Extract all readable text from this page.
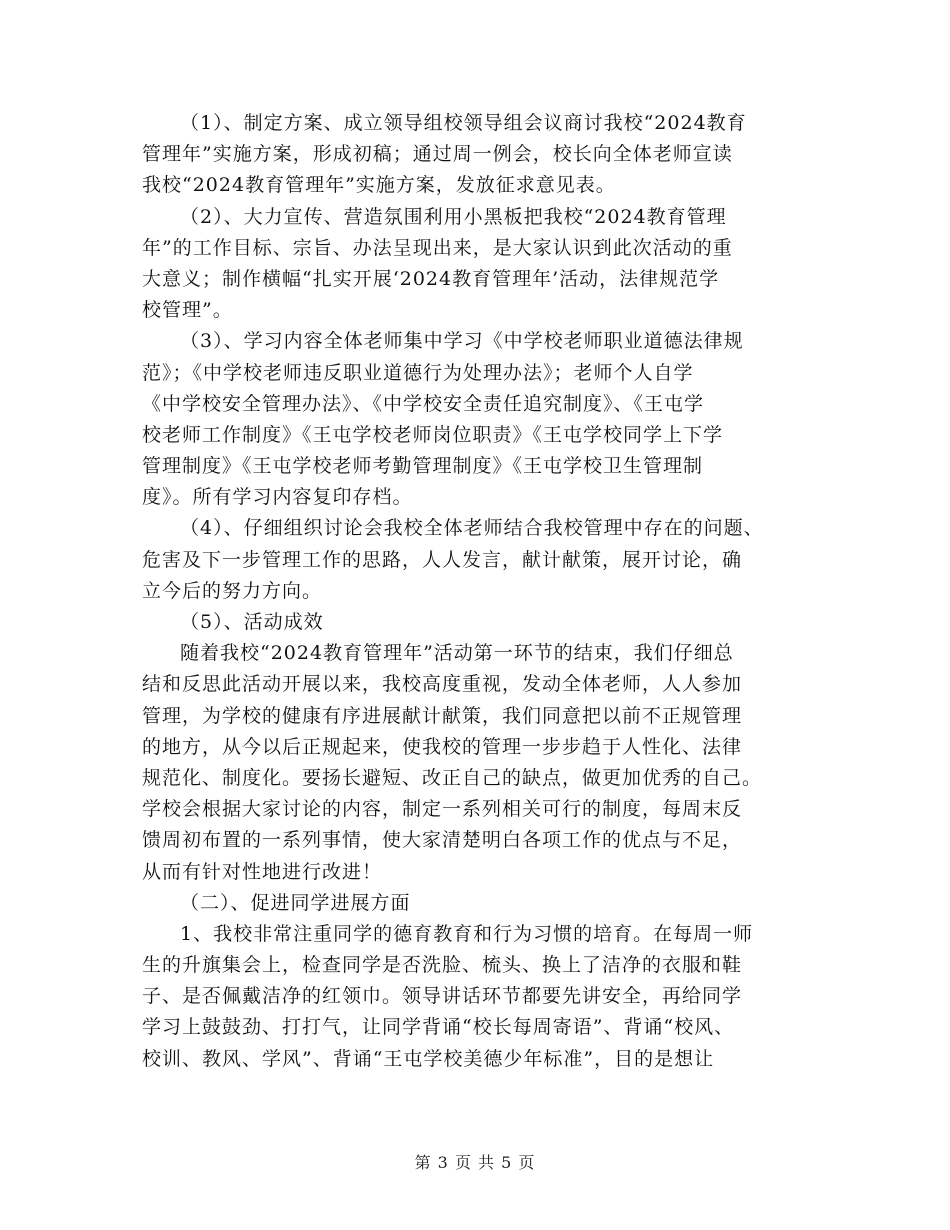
（1）、制定方案、成立领导组校领导组会议商讨我校“2024教育
管理年”实施方案，形成初稿；通过周一例会，校长向全体老师宣读
我校“2024教育管理年”实施方案，发放征求意见表。
（2）、大力宣传、营造氛围利用小黑板把我校“2024教育管理
年”的工作目标、宗旨、办法呈现出来，是大家认识到此次活动的重
大意义；制作横幅“扎实开展‘2024教育管理年’活动，法律规范学
校管理”。
（3）、学习内容全体老师集中学习《中学校老师职业道德法律规
范》；《中学校老师违反职业道德行为处理办法》；老师个人自学
《中学校安全管理办法》、《中学校安全责任追究制度》、《王屯学
校老师工作制度》《王屯学校老师岗位职责》《王屯学校同学上下学
管理制度》《王屯学校老师考勤管理制度》《王屯学校卫生管理制
度》。所有学习内容复印存档。
（4）、仔细组织讨论会我校全体老师结合我校管理中存在的问题、
危害及下一步管理工作的思路，人人发言，献计献策，展开讨论，确
立今后的努力方向。
（5）、活动成效
随着我校“2024教育管理年”活动第一环节的结束，我们仔细总
结和反思此活动开展以来，我校高度重视，发动全体老师，人人参加
管理，为学校的健康有序进展献计献策，我们同意把以前不正规管理
的地方，从今以后正规起来，使我校的管理一步步趋于人性化、法律
规范化、制度化。要扬长避短、改正自己的缺点，做更加优秀的自己。
学校会根据大家讨论的内容，制定一系列相关可行的制度，每周末反
馈周初布置的一系列事情，使大家清楚明白各项工作的优点与不足，
从而有针对性地进行改进！
（二）、促进同学进展方面
1、我校非常注重同学的德育教育和行为习惯的培育。在每周一师
生的升旗集会上，检查同学是否洗脸、梳头、换上了洁净的衣服和鞋
子、是否佩戴洁净的红领巾。领导讲话环节都要先讲安全，再给同学
学习上鼓鼓劲、打打气，让同学背诵“校长每周寄语”、背诵“校风、
校训、教风、学风”、背诵“王屯学校美德少年标准”，目的是想让
第 3 页 共 5 页
